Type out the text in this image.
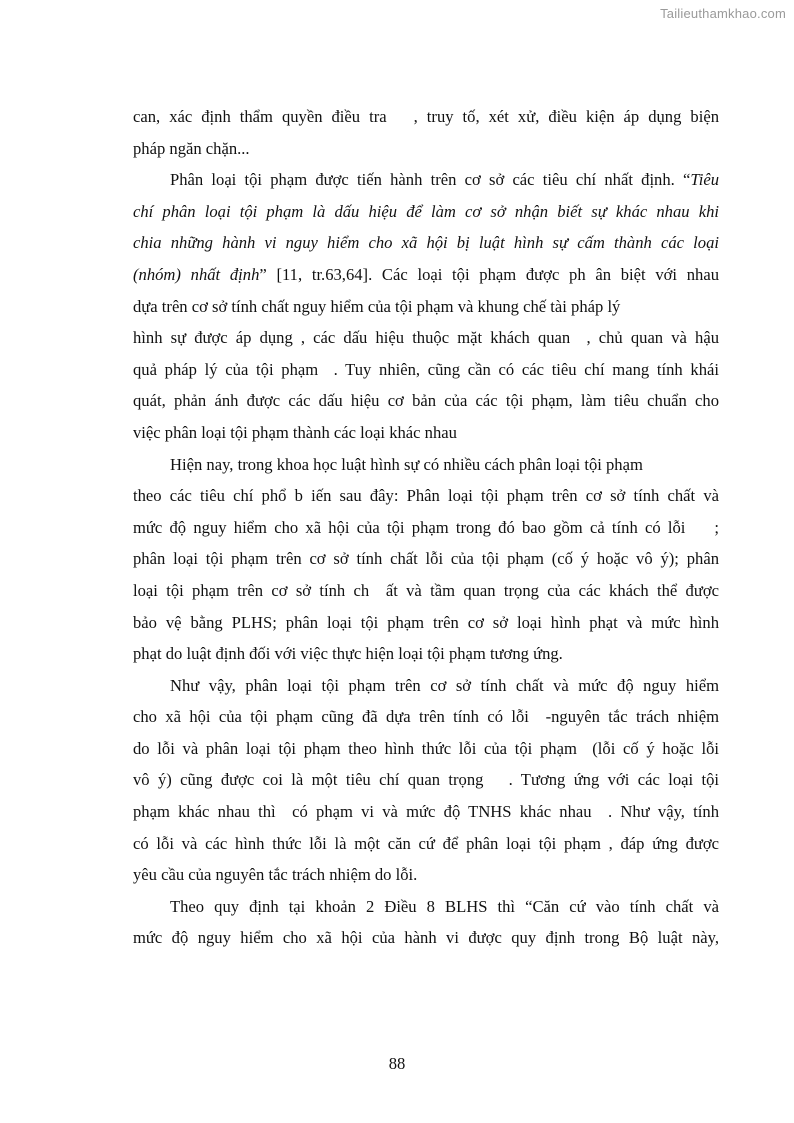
Tailieuthamkhao.com
can, xác định thẩm quyền điều tra   , truy tố, xét xử, điều kiện áp dụng biện
pháp ngăn chặn...
Phân loại tội phạm được tiến hành trên cơ sở các tiêu chí nhất định. “Tiêu
chí phân loại tội phạm là dấu hiệu để làm cơ sở nhận biết sự khác nhau khi
chia những hành vi nguy hiểm cho xã hội bị luật hình sự cấm thành các loại
(nhóm) nhất định” [11, tr.63,64]. Các loại tội phạm được ph ân biệt với nhau
dựa trên cơ sở tính chất nguy hiểm của tội phạm và khung chế tài pháp lý
hình sự được áp dụng , các dấu hiệu thuộc mặt khách quan  , chủ quan và hậu
quả pháp lý của tội phạm  . Tuy nhiên, cũng cần có các tiêu chí mang tính khái
quát, phản ánh được các dấu hiệu cơ bản của các tội phạm, làm tiêu chuẩn cho
việc phân loại tội phạm thành các loại khác nhau
Hiện nay, trong khoa học luật hình sự có nhiều cách phân loại tội phạm
theo các tiêu chí phổ b iến sau đây: Phân loại tội phạm trên cơ sở tính chất và
mức độ nguy hiểm cho xã hội của tội phạm trong đó bao gồm cả tính có lỗi    ;
phân loại tội phạm trên cơ sở tính chất lỗi của tội phạm (cố ý hoặc vô ý); phân
loại tội phạm trên cơ sở tính ch  ất và tầm quan trọng của các khách thể được
bảo vệ bằng PLHS; phân loại tội phạm trên cơ sở loại hình phạt và mức hình
phạt do luật định đối với việc thực hiện loại tội phạm tương ứng.
Như vậy, phân loại tội phạm trên cơ sở tính chất và mức độ nguy hiểm
cho xã hội của tội phạm cũng đã dựa trên tính có lỗi  -nguyên tắc trách nhiệm
do lỗi và phân loại tội phạm theo hình thức lỗi của tội phạm  (lỗi cố ý hoặc lỗi
vô ý) cũng được coi là một tiêu chí quan trọng   . Tương ứng với các loại tội
phạm khác nhau thì  có phạm vi và mức độ TNHS khác nhau  . Như vậy, tính
có lỗi và các hình thức lỗi là một căn cứ để phân loại tội phạm , đáp ứng được
yêu cầu của nguyên tắc trách nhiệm do lỗi.
Theo quy định tại khoản 2 Điều 8 BLHS thì “Căn cứ vào tính chất và
mức độ nguy hiểm cho xã hội của hành vi được quy định trong Bộ luật này,
88
